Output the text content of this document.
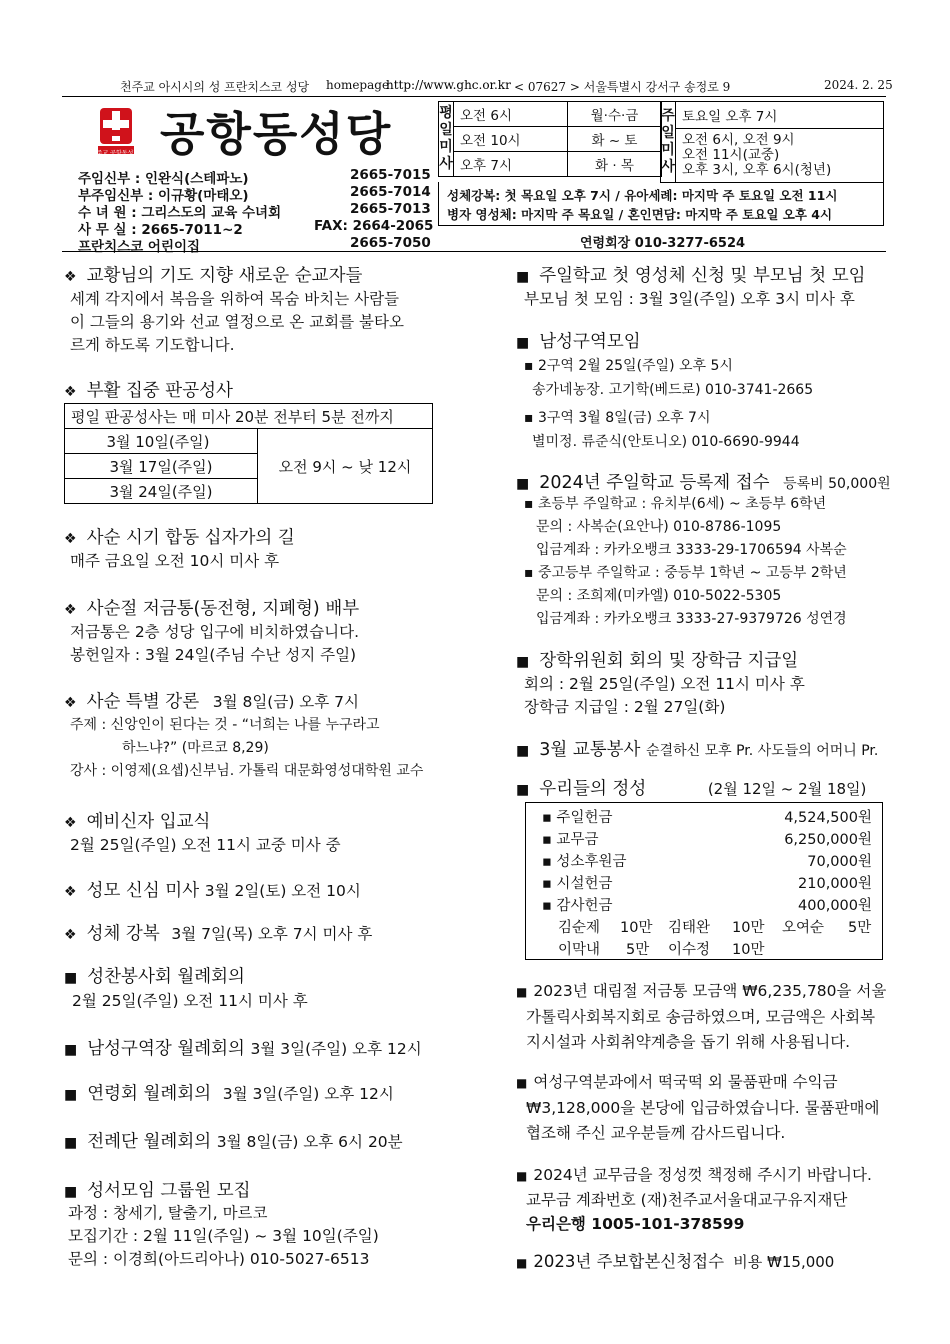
천주교 아시시의 성 프란치스코 성당 homepage
http://www.ghc.or.kr < 07627 > 서울특별시 강서구 송정로 9	2024. 2. 25
천주교 공항동성당 공항동성당
주임신부 : 인완식(스테파노)	2665-7015
부주임신부 : 이규황(마태오)	2665-7014
수 녀 원 : 그리스도의 교육 수녀회	2665-7013
사 무 실 : 2665-7011~2	FAX: 2664-2065
프란치스코 어린이집	2665-7050
평
일
미
사	오전 6시	월·수·금
	오전 10시	화 ~ 토
	오후 7시	화 · 목
주
일
미
사	토요일 오후 7시

오전 6시, 오전 9시
오전 11시(교중)
오후 3시, 오후 6시(청년)
성체강복: 첫 목요일 오후 7시 / 유아세례: 마지막 주 토요일 오전 11시
병자 영성체: 마지막 주 목요일 / 혼인면담: 마지막 주 토요일 오후 4시
연령회장 010-3277-6524
❖ 교황님의 기도 지향 새로운 순교자들
세계 각지에서 복음을 위하여 목숨 바치는 사람들
이 그들의 용기와 선교 열정으로 온 교회를 불타오
르게 하도록 기도합니다.
❖ 부활 집중 판공성사
평일 판공성사는 매 미사 20분 전부터 5분 전까지
3월 10일(주일)	오전 9시 ~ 낮 12시
3월 17일(주일)
3월 24일(주일)
❖ 사순 시기 합동 십자가의 길
매주 금요일 오전 10시 미사 후
❖ 사순절 저금통(동전형, 지폐형) 배부
저금통은 2층 성당 입구에 비치하였습니다.
봉헌일자 : 3월 24일(주님 수난 성지 주일)
❖ 사순 특별 강론 3월 8일(금) 오후 7시
주제 : 신앙인이 된다는 것 - “너희는 나를 누구라고
하느냐?” (마르코 8,29)
강사 : 이영제(요셉)신부님. 가톨릭 대문화영성대학원 교수
❖ 예비신자 입교식
2월 25일(주일) 오전 11시 교중 미사 중
❖ 성모 신심 미사 3월 2일(토) 오전 10시
❖ 성체 강복 3월 7일(목) 오후 7시 미사 후
■ 성찬봉사회 월례회의
2월 25일(주일) 오전 11시 미사 후
■ 남성구역장 월례회의 3월 3일(주일) 오후 12시
■ 연령회 월례회의 3월 3일(주일) 오후 12시
■ 전례단 월례회의 3월 8일(금) 오후 6시 20분
■ 성서모임 그룹원 모집
과정 : 창세기, 탈출기, 마르코
모집기간 : 2월 11일(주일) ~ 3월 10일(주일)
문의 : 이경희(아드리아나) 010-5027-6513
■ 주일학교 첫 영성체 신청 및 부모님 첫 모임
부모님 첫 모임 : 3월 3일(주일) 오후 3시 미사 후
■ 남성구역모임
▪ 2구역 2월 25일(주일) 오후 5시
송가네농장. 고기학(베드로) 010-3741-2665
▪ 3구역 3월 8일(금) 오후 7시
별미정. 류준식(안토니오) 010-6690-9944
■ 2024년 주일학교 등록제 접수 등록비 50,000원
▪ 초등부 주일학교 : 유치부(6세) ~ 초등부 6학년
문의 : 사복순(요안나) 010-8786-1095
입금계좌 : 카카오뱅크 3333-29-1706594 사복순
▪ 중고등부 주일학교 : 중등부 1학년 ~ 고등부 2학년
문의 : 조희제(미카엘) 010-5022-5305
입금계좌 : 카카오뱅크 3333-27-9379726 성연경
■ 장학위원회 회의 및 장학금 지급일
회의 : 2월 25일(주일) 오전 11시 미사 후
장학금 지급일 : 2월 27일(화)
■ 3월 교통봉사 순결하신 모후 Pr. 사도들의 어머니 Pr.
■ 우리들의 정성	(2월 12일 ~ 2월 18일)
▪ 주일헌금	4,524,500원
▪ 교무금	6,250,000원
▪ 성소후원금	70,000원
▪ 시설헌금	210,000원
▪ 감사헌금	400,000원
김순제 10만 김태완 10만 오여순 5만
이막내 5만 이수정 10만
■ 2023년 대림절 저금통 모금액 ₩6,235,780을 서울
가톨릭사회복지회로 송금하였으며, 모금액은 사회복
지시설과 사회취약계층을 돕기 위해 사용됩니다.
■ 여성구역분과에서 떡국떡 외 물품판매 수익금
₩3,128,000을 본당에 입금하였습니다. 물품판매에
협조해 주신 교우분들께 감사드립니다.
■ 2024년 교무금을 정성껏 책정해 주시기 바랍니다.
교무금 계좌번호 (재)천주교서울대교구유지재단
우리은행 1005-101-378599
■ 2023년 주보합본신청접수 비용 ₩15,000
